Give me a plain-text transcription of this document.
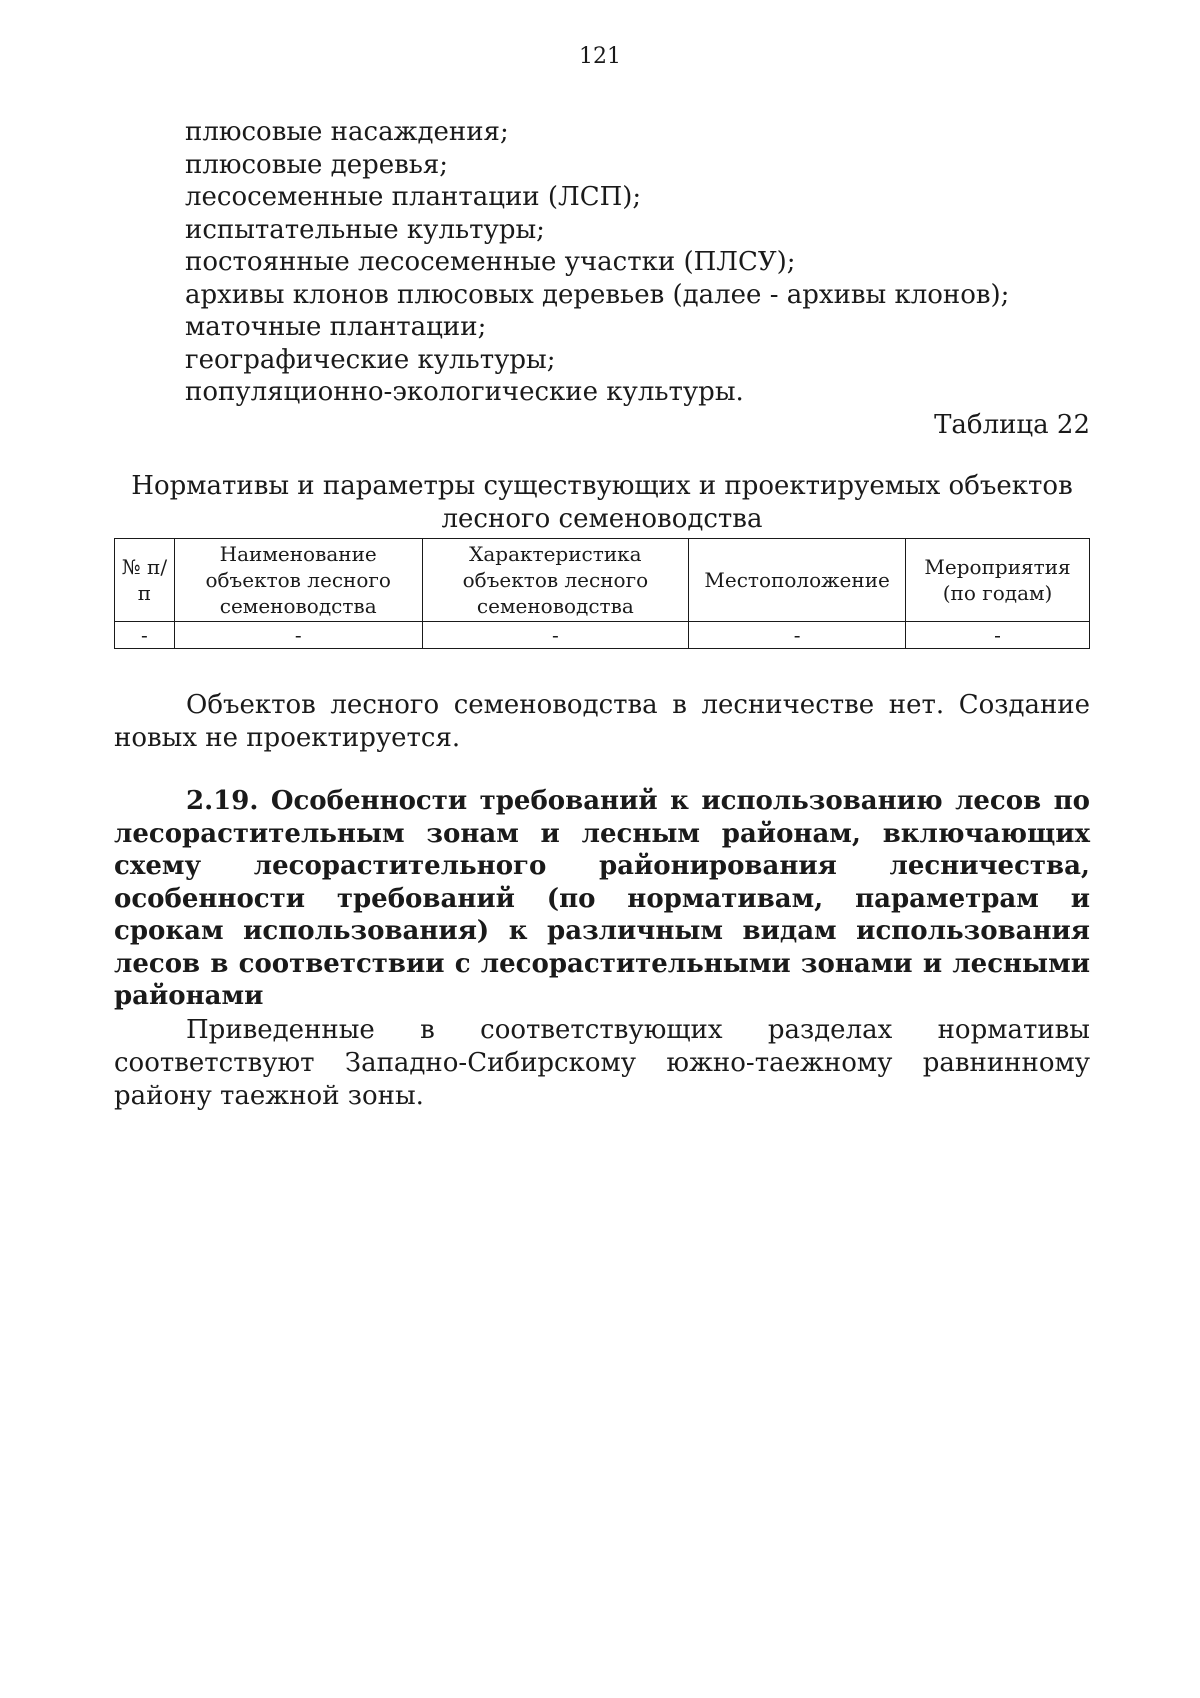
121
плюсовые насаждения;
плюсовые деревья;
лесосеменные плантации (ЛСП);
испытательные культуры;
постоянные лесосеменные участки (ПЛСУ);
архивы клонов плюсовых деревьев (далее - архивы клонов);
маточные плантации;
географические культуры;
популяционно-экологические культуры.
Таблица 22
Нормативы и параметры существующих и проектируемых объектов лесного семеноводства
№ п/п	Наименование объектов лесного семеноводства	Характеристика объектов лесного семеноводства	Местоположение	Мероприятия (по годам)
-	-	-	-	-

Объектов лесного семеноводства в лесничестве нет. Создание новых не проектируется.

2.19. Особенности требований к использованию лесов по лесорастительным зонам и лесным районам, включающих схему лесорастительного районирования лесничества, особенности требований (по нормативам, параметрам и срокам использования) к различным видам использования лесов в соответствии с лесорастительными зонами и лесными районами

Приведенные в соответствующих разделах нормативы соответствуют Западно-Сибирскому южно-таежному равнинному району таежной зоны.
